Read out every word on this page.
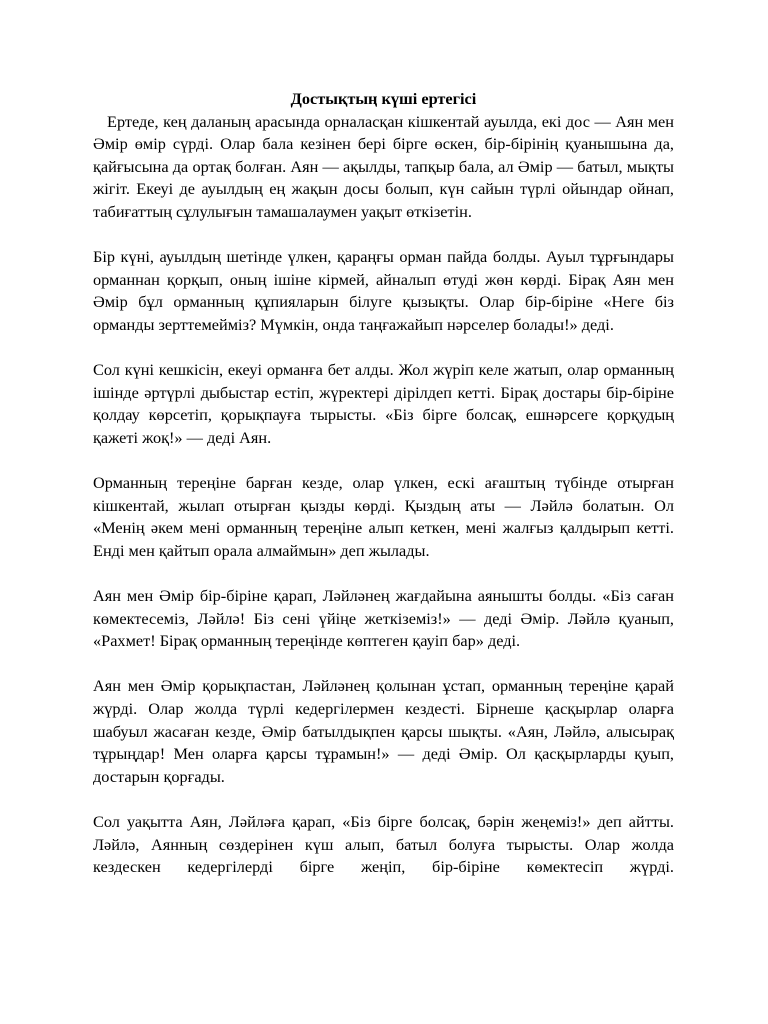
Достықтың күші ертегісі

Ертеде, кең даланың арасында орналасқан кішкентай ауылда, екі дос — Аян мен Әмір өмір сүрді. Олар бала кезінен бері бірге өскен, бір-бірінің қуанышына да, қайғысына да ортақ болған. Аян — ақылды, тапқыр бала, ал Әмір — батыл, мықты жігіт. Екеуі де ауылдың ең жақын досы болып, күн сайын түрлі ойындар ойнап, табиғаттың сұлулығын тамашалаумен уақыт өткізетін.

Бір күні, ауылдың шетінде үлкен, қараңғы орман пайда болды. Ауыл тұрғындары орманнан қорқып, оның ішіне кірмей, айналып өтуді жөн көрді. Бірақ Аян мен Әмір бұл орманның құпияларын білуге қызықты. Олар бір-біріне «Неге біз орманды зерттемейміз? Мүмкін, онда таңғажайып нәрселер болады!» деді.

Сол күні кешкісін, екеуі орманға бет алды. Жол жүріп келе жатып, олар орманның ішінде әртүрлі дыбыстар естіп, жүректері дірілдеп кетті. Бірақ достары бір-біріне қолдау көрсетіп, қорықпауға тырысты. «Біз бірге болсақ, ешнәрсеге қорқудың қажеті жоқ!» — деді Аян.

Орманның тереңіне барған кезде, олар үлкен, ескі ағаштың түбінде отырған кішкентай, жылап отырған қызды көрді. Қыздың аты — Ләйлә болатын. Ол «Менің әкем мені орманның тереңіне алып кеткен, мені жалғыз қалдырып кетті. Енді мен қайтып орала алмаймын» деп жылады.

Аян мен Әмір бір-біріне қарап, Ләйләнең жағдайына аянышты болды. «Біз саған көмектесеміз, Ләйлә! Біз сені үйіңе жеткіземіз!» — деді Әмір. Ләйлә қуанып, «Рахмет! Бірақ орманның тереңінде көптеген қауіп бар» деді.

Аян мен Әмір қорықпастан, Ләйләнең қолынан ұстап, орманның тереңіне қарай жүрді. Олар жолда түрлі кедергілермен кездесті. Бірнеше қасқырлар оларға шабуыл жасаған кезде, Әмір батылдықпен қарсы шықты. «Аян, Ләйлә, алысырақ тұрыңдар! Мен оларға қарсы тұрамын!» — деді Әмір. Ол қасқырларды қуып, достарын қорғады.

Сол уақытта Аян, Ләйләға қарап, «Біз бірге болсақ, бәрін жеңеміз!» деп айтты. Ләйлә, Аянның сөздерінен күш алып, батыл болуға тырысты. Олар жолда кездескен кедергілерді бірге жеңіп, бір-біріне көмектесіп жүрді.
